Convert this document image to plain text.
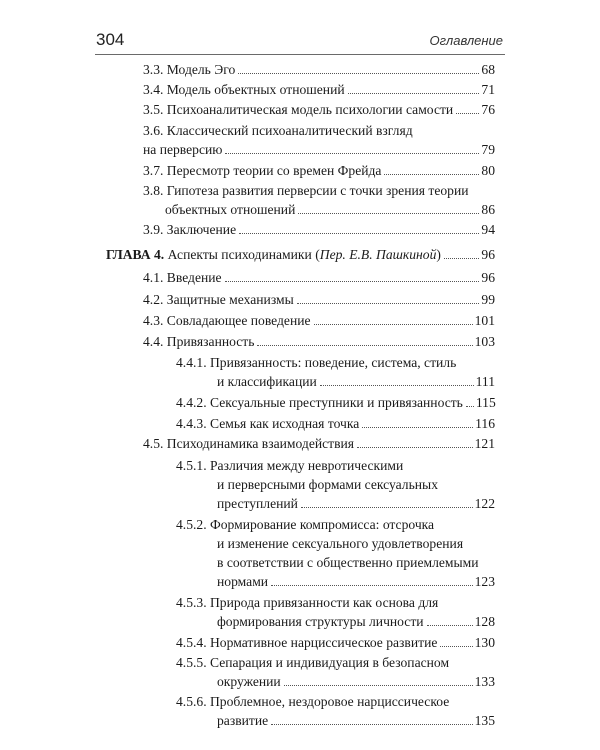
304	Оглавление
3.3. Модель Эго	68
3.4. Модель объектных отношений	71
3.5. Психоаналитическая модель психологии самости 76
3.6. Классический психоаналитический взгляд
на перверсию	79
3.7. Пересмотр теории со времен Фрейда	80
3.8. Гипотеза развития перверсии с точки зрения теории
объектных отношений	86
3.9. Заключение	94
ГЛАВА 4. Аспекты психодинамики (Пер. Е.В. Пашкиной)	96
4.1. Введение	96
4.2. Защитные механизмы	99
4.3. Совладающее поведение	101
4.4. Привязанность	103
4.4.1. Привязанность: поведение, система, стиль
и классификации	111
4.4.2. Сексуальные преступники и привязанность 115
4.4.3. Семья как исходная точка	116
4.5. Психодинамика взаимодействия	121
4.5.1. Различия между невротическими
и перверсными формами сексуальных
преступлений	122
4.5.2. Формирование компромисса: отсрочка
и изменение сексуального удовлетворения
в соответствии с общественно приемлемыми
нормами	123
4.5.3. Природа привязанности как основа для
формирования структуры личности	128
4.5.4. Нормативное нарциссическое развитие	130
4.5.5. Сепарация и индивидуация в безопасном
окружении	133
4.5.6. Проблемное, нездоровое нарциссическое
развитие	135
